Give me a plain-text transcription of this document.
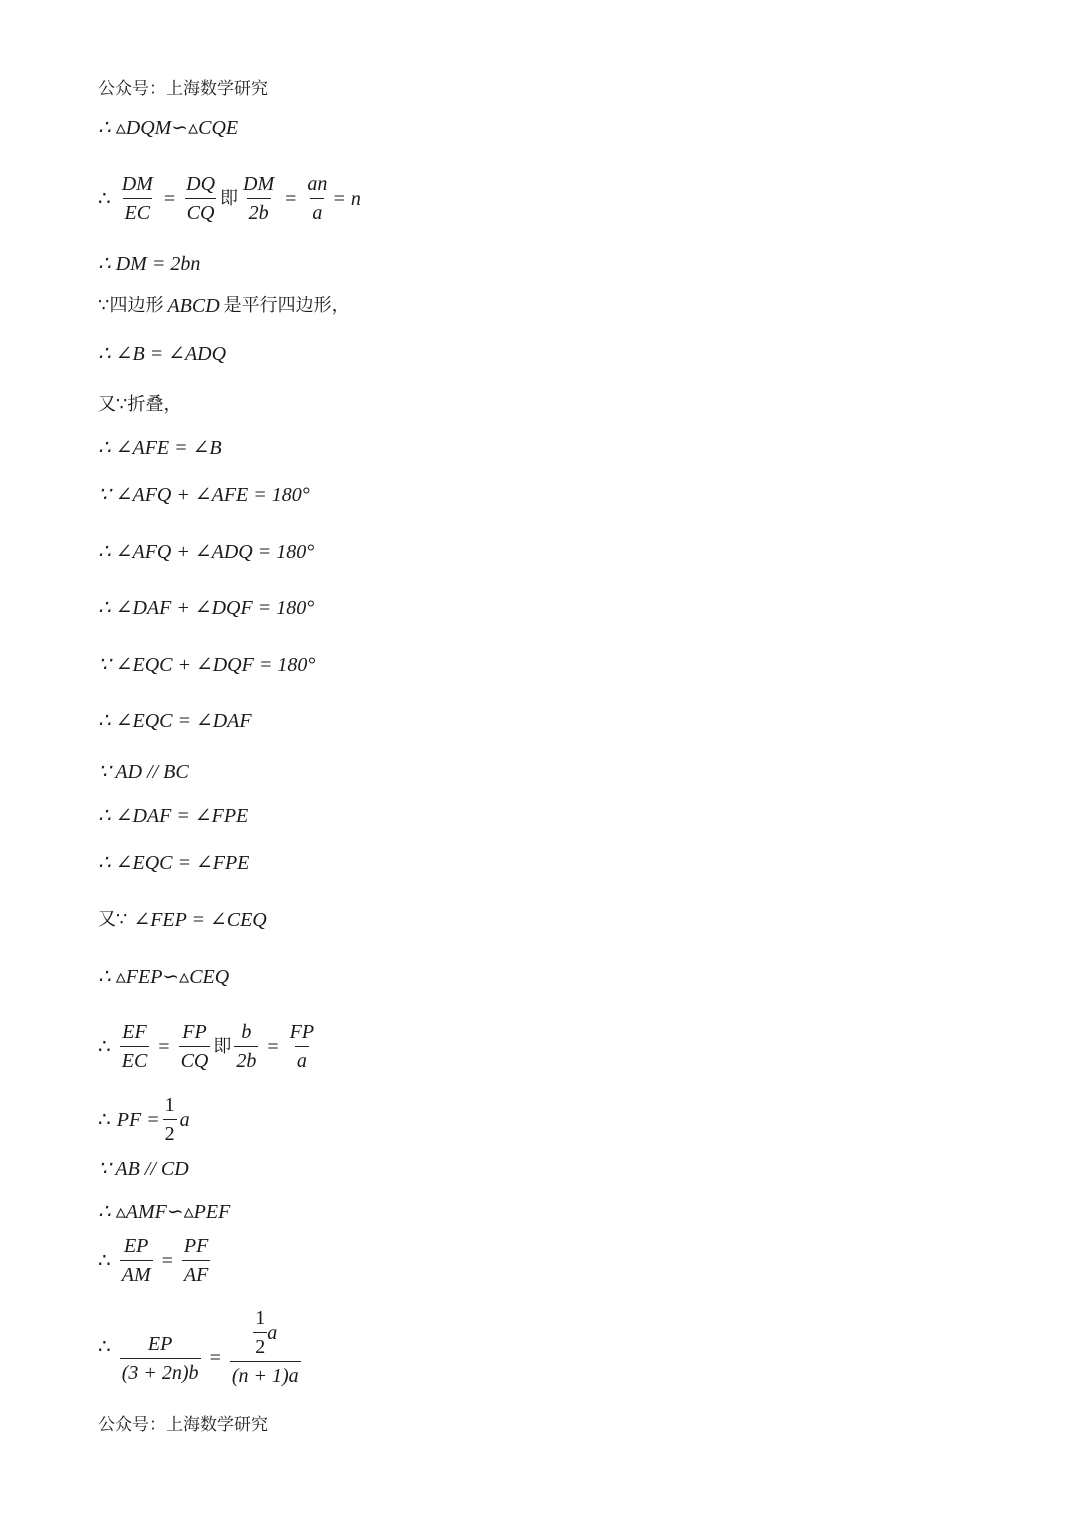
公众号：上海数学研究
∴ ▵DQM∽▵CQE
∴ $\frac{DM}{EC} = \frac{DQ}{CQ}$ 即 $\frac{DM}{2b} = \frac{an}{a} = n$
∴ DM = 2bn
∵四边形 ABCD 是平行四边形，
∴ ∠B = ∠ADQ
又∵折叠，
∴ ∠AFE = ∠B
∵ ∠AFQ + ∠AFE = 180°
∴ ∠AFQ + ∠ADQ = 180°
∴ ∠DAF + ∠DQF = 180°
∵ ∠EQC + ∠DQF = 180°
∴ ∠EQC = ∠DAF
∵ AD // BC
∴ ∠DAF = ∠FPE
∴ ∠EQC = ∠FPE
又∵ ∠FEP = ∠CEQ
∴ ▵FEP∽▵CEQ
∴ $\frac{EF}{EC} = \frac{FP}{CQ}$ 即 $\frac{b}{2b} = \frac{FP}{a}$
∴ PF = $\frac{1}{2}$ a
∵ AB // CD
∴ ▵AMF∽▵PEF
∴ $\frac{EP}{AM} = \frac{PF}{AF}$
∴ $\frac{EP}{(3 + 2n)b} = \frac{\frac{1}{2} a}{(n + 1)a}$
公众号：上海数学研究
